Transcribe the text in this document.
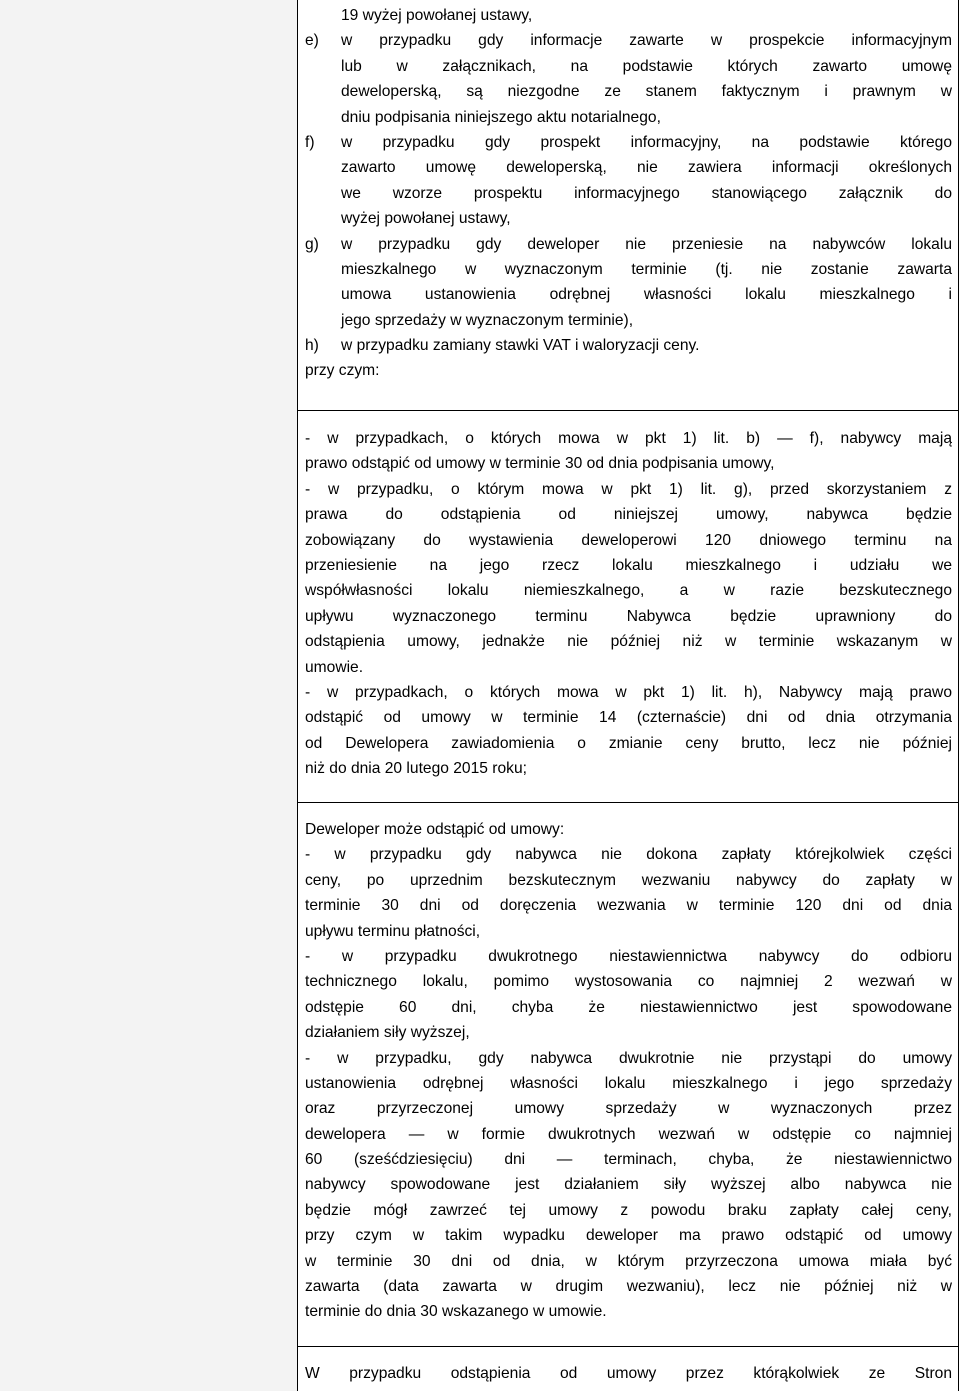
19 wyżej powołanej ustawy,
e)	w przypadku gdy informacje zawarte w prospekcie informacyjnym
lub w załącznikach, na podstawie których zawarto umowę
deweloperską, są niezgodne ze stanem faktycznym i prawnym w
dniu podpisania niniejszego aktu notarialnego,
f)	w przypadku gdy prospekt informacyjny, na podstawie którego
zawarto umowę deweloperską, nie zawiera informacji określonych
we wzorze prospektu informacyjnego stanowiącego załącznik do
wyżej powołanej ustawy,
g)	w przypadku gdy deweloper nie przeniesie na nabywców lokalu
mieszkalnego w wyznaczonym terminie (tj. nie zostanie zawarta
umowa ustanowienia odrębnej własności lokalu mieszkalnego i
jego sprzedaży w wyznaczonym terminie),
h)	w przypadku zamiany stawki VAT i waloryzacji ceny.
przy czym:
- w przypadkach, o których mowa w pkt 1) lit. b) — f), nabywcy mają
prawo odstąpić od umowy w terminie 30 od dnia podpisania umowy,
- w przypadku, o którym mowa w pkt 1) lit. g), przed skorzystaniem z
prawa do odstąpienia od niniejszej umowy, nabywca będzie
zobowiązany do wystawienia deweloperowi 120 dniowego terminu na
przeniesienie na jego rzecz lokalu mieszkalnego i udziału we
współwłasności lokalu niemieszkalnego, a w razie bezskutecznego
upływu wyznaczonego terminu Nabywca będzie uprawniony do
odstąpienia umowy, jednakże nie później niż w terminie wskazanym w
umowie.
- w przypadkach, o których mowa w pkt 1) lit. h), Nabywcy mają prawo
odstąpić od umowy w terminie 14 (czternaście) dni od dnia otrzymania
od Dewelopera zawiadomienia o zmianie ceny brutto, lecz nie później
niż do dnia 20 lutego 2015 roku;
Deweloper może odstąpić od umowy:
- w przypadku gdy nabywca nie dokona zapłaty którejkolwiek części
ceny, po uprzednim bezskutecznym wezwaniu nabywcy do zapłaty w
terminie 30 dni od doręczenia wezwania w terminie 120 dni od dnia
upływu terminu płatności,
- w przypadku dwukrotnego niestawiennictwa nabywcy do odbioru
technicznego lokalu, pomimo wystosowania co najmniej 2 wezwań w
odstępie 60 dni, chyba że niestawiennictwo jest spowodowane
działaniem siły wyższej,
- w przypadku, gdy nabywca dwukrotnie nie przystąpi do umowy
ustanowienia odrębnej własności lokalu mieszkalnego i jego sprzedaży
oraz przyrzeczonej umowy sprzedaży w wyznaczonych przez
dewelopera — w formie dwukrotnych wezwań w odstępie co najmniej
60 (sześćdziesięciu) dni — terminach, chyba, że niestawiennictwo
nabywcy spowodowane jest działaniem siły wyższej albo nabywca nie
będzie mógł zawrzeć tej umowy z powodu braku zapłaty całej ceny,
przy czym w takim wypadku deweloper ma prawo odstąpić od umowy
w terminie 30 dni od dnia, w którym przyrzeczona umowa miała być
zawarta (data zawarta w drugim wezwaniu), lecz nie później niż w
terminie do dnia 30 wskazanego w umowie.
W przypadku odstąpienia od umowy przez którąkolwiek ze Stron
